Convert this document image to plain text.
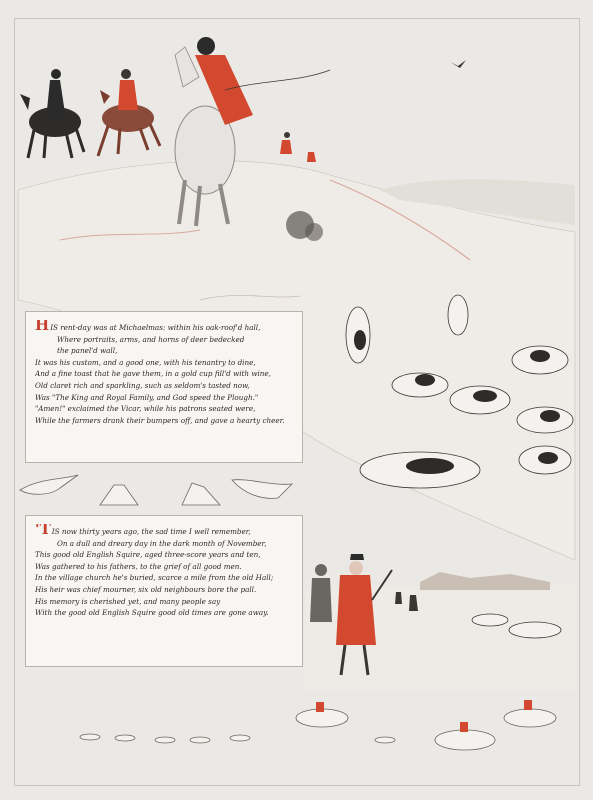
HIS rent-day was at Michaelmas: within his oak-roof'd hall,
Where portraits, arms, and horns of deer bedecked
the panel'd wall,
It was his custom, and a good one, with his tenantry to dine,
And a fine toast that he gave them, in a gold cup fill'd with wine,
Old claret rich and sparkling, such as seldom's tasted now,
Was "The King and Royal Family, and God speed the Plough."
"Amen!" exclaimed the Vicar, while his patrons seated were,
While the farmers drank their bumpers off, and gave a hearty cheer.
'TIS now thirty years ago, the sad time I well remember,
On a dull and dreary day in the dark month of November,
This good old English Squire, aged three-score years and ten,
Was gathered to his fathers, to the grief of all good men.
In the village church he's buried, scarce a mile from the old Hall;
His heir was chief mourner, six old neighbours bore the pall.
His memory is cherished yet, and many people say
With the good old English Squire good old times are gone away.
